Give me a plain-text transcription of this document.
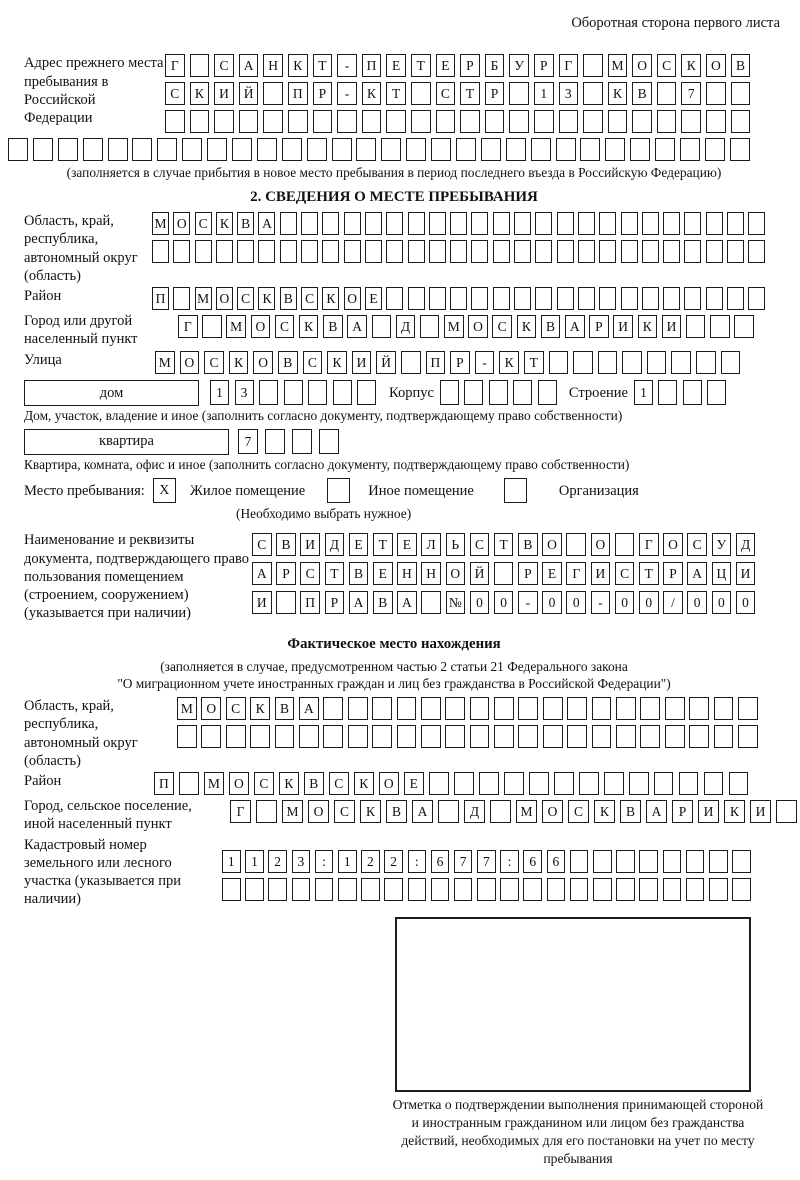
Оборотная сторона первого листа
Адрес прежнего места пребывания в Российской Федерации
Г	С	А	Н	К	Т	-	П	Е	Т	Е	Р	Б	У	Р	Г	М	О	С	К	О	В
С	К	И	Й	П	Р	-	К	Т	С	Т	Р	1	3	К	В	7
(заполняется в случае прибытия в новое место пребывания в период последнего въезда в Российскую Федерацию)
2. СВЕДЕНИЯ О МЕСТЕ ПРЕБЫВАНИЯ
Область, край, республика, автономный округ (область)
М О С К В А
Район	П М О С К В С К О Е
Город или другой населенный пункт
Г	М О	С	К	В	А	Д	М О	С	К	В	А	Р	И	К	И
Улица	М	О	С	К	О	В	С	К	И	Й	П	Р	-	К	Т
дом	1	3	Корпус	Строение 1
Дом, участок, владение и иное (заполнить согласно документу, подтверждающему право собственности)
квартира	7
Квартира, комната, офис и иное (заполнить согласно документу, подтверждающему право собственности)
Место пребывания:	X	Жилое помещение	Иное помещение	Организация
(Необходимо выбрать нужное)
Наименование и реквизиты документа, подтверждающего право пользования помещением (строением, сооружением) (указывается при наличии)
С	В	И	Д	Е	Т	Е	Л	Ь	С	Т	В	О	О	Г	О	С	У	Д
А	Р	С	Т	В	Е	Н	Н	О	Й	Р	Е	Г	И	С	Т	Р	А	Ц	И
И	П	Р	А	В	А	№	0	0	-	0	0	-	0	0	/	0	0	0
Фактическое место нахождения
(заполняется в случае, предусмотренном частью 2 статьи 21 Федерального закона
"О миграционном учете иностранных граждан и лиц без гражданства в Российской Федерации")
Область, край, республика, автономный округ (область)
М	О	С	К	В	А
Район	П	М	О	С	К	В	С	К	О	Е
Город, сельское поселение, иной населенный пункт
Г	М	О	С	К	В	А	Д	М	О	С	К	В	А	Р	И	К	И
Кадастровый номер земельного или лесного участка (указывается при наличии)
1	1	2	3	:	1	2	2	:	6	7	7	:	6	6
Отметка о подтверждении выполнения принимающей стороной и иностранным гражданином или лицом без гражданства действий, необходимых для его постановки на учет по месту пребывания
